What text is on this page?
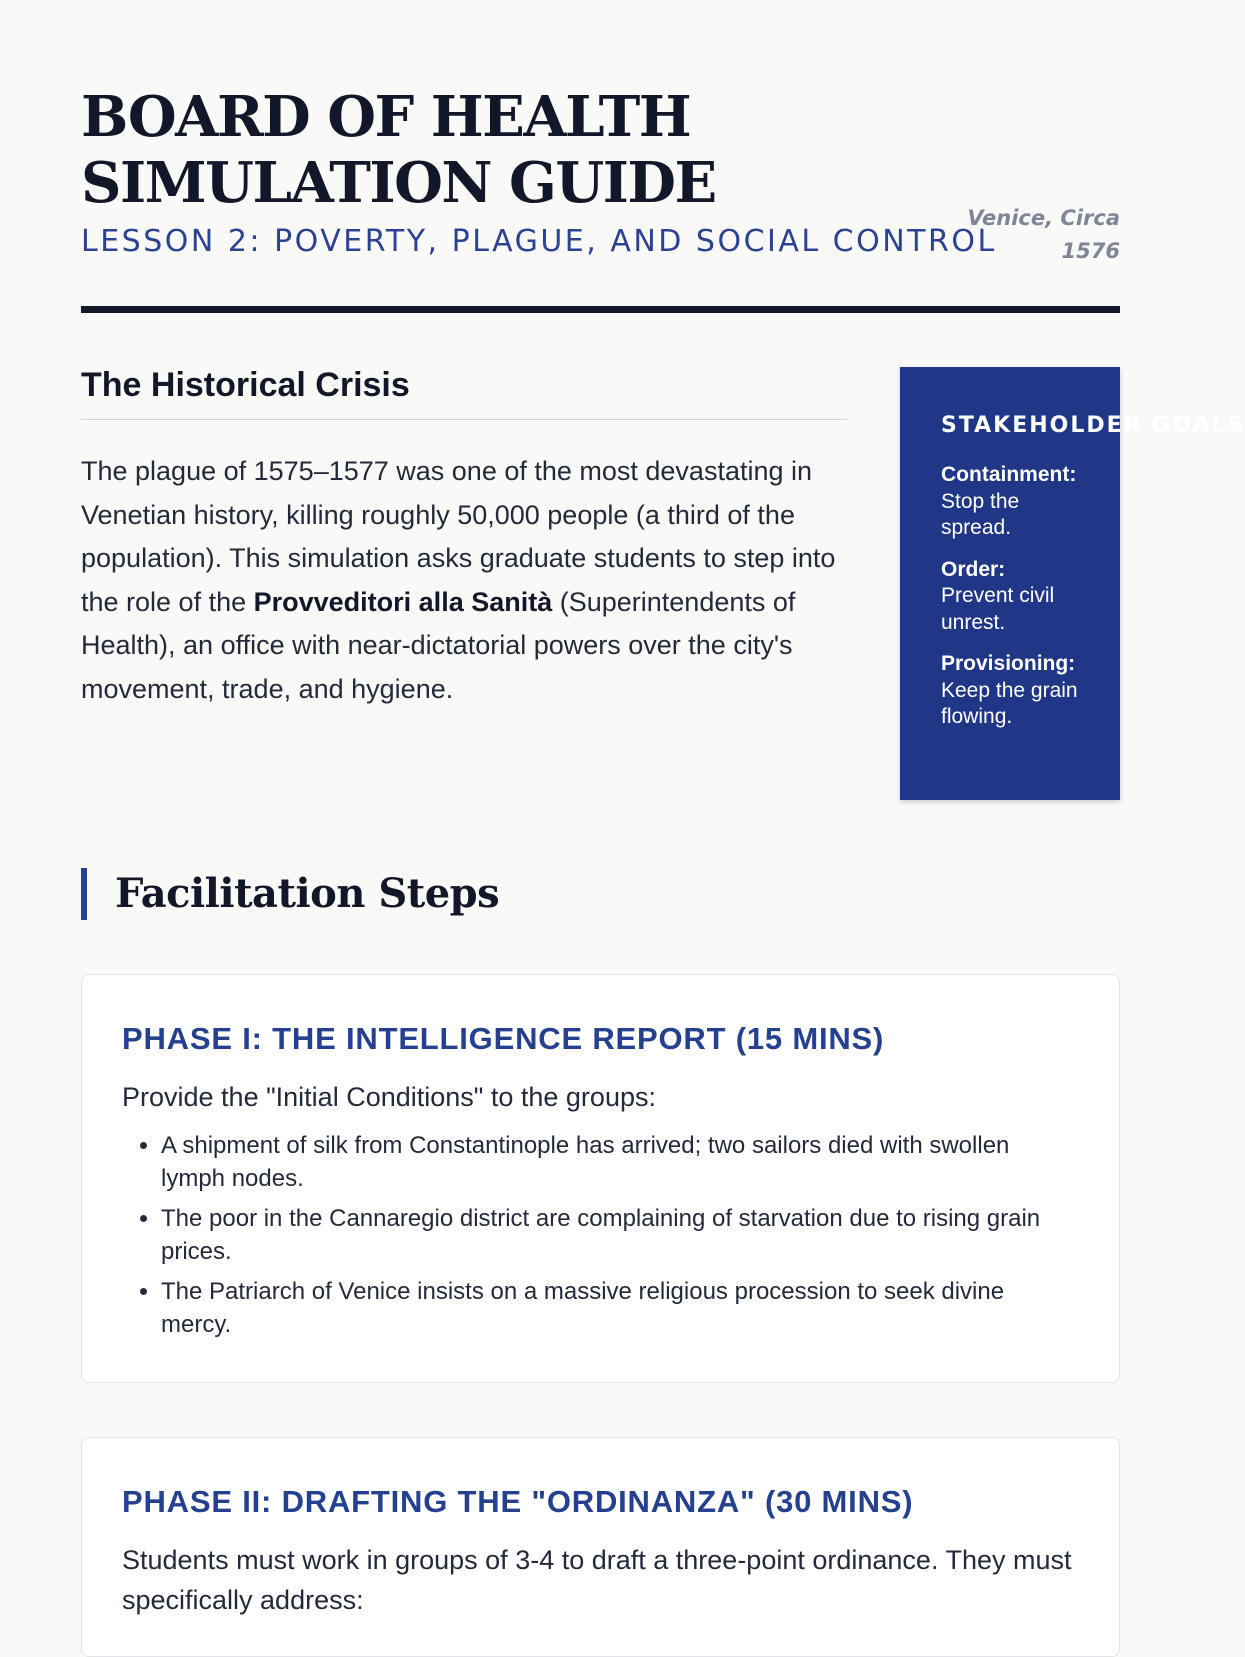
BOARD OF HEALTH SIMULATION GUIDE
LESSON 2: POVERTY, PLAGUE, AND SOCIAL CONTROL
Venice, Circa 1576
The Historical Crisis

The plague of 1575–1577 was one of the most devastating in Venetian history, killing roughly 50,000 people (a third of the population). This simulation asks graduate students to step into the role of the Provveditori alla Sanità (Superintendents of Health), an office with near-dictatorial powers over the city's movement, trade, and hygiene.

STAKEHOLDER GOALS
Containment:
Stop the spread.
Order:
Prevent civil unrest.
Provisioning:
Keep the grain flowing.
Facilitation Steps
PHASE I: THE INTELLIGENCE REPORT (15 MINS)

Provide the "Initial Conditions" to the groups:

• A shipment of silk from Constantinople has arrived; two sailors died with swollen lymph nodes.
• The poor in the Cannaregio district are complaining of starvation due to rising grain prices.
• The Patriarch of Venice insists on a massive religious procession to seek divine mercy.
PHASE II: DRAFTING THE "ORDINANZA" (30 MINS)

Students must work in groups of 3-4 to draft a three-point ordinance. They must specifically address:
